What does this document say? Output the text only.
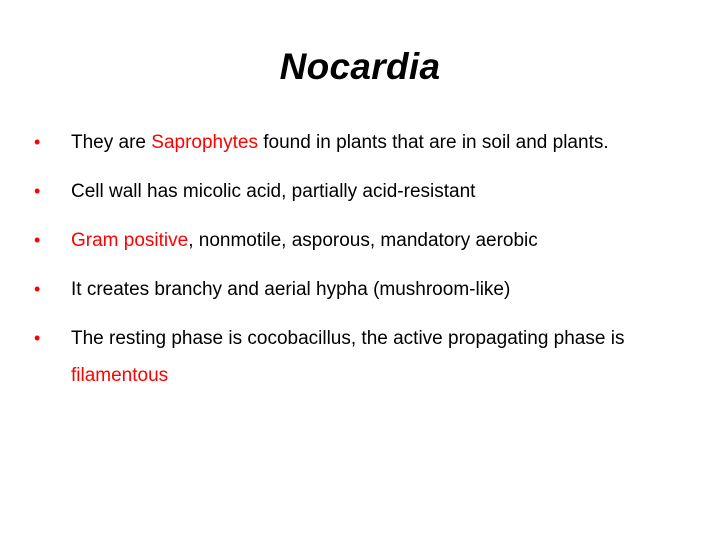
Nocardia
• They are Saprophytes found in plants that are in soil and plants.
• Cell wall has micolic acid, partially acid-resistant
• Gram positive, nonmotile, asporous, mandatory aerobic
• It creates branchy and aerial hypha (mushroom-like)
• The resting phase is cocobacillus, the active propagating phase is filamentous
